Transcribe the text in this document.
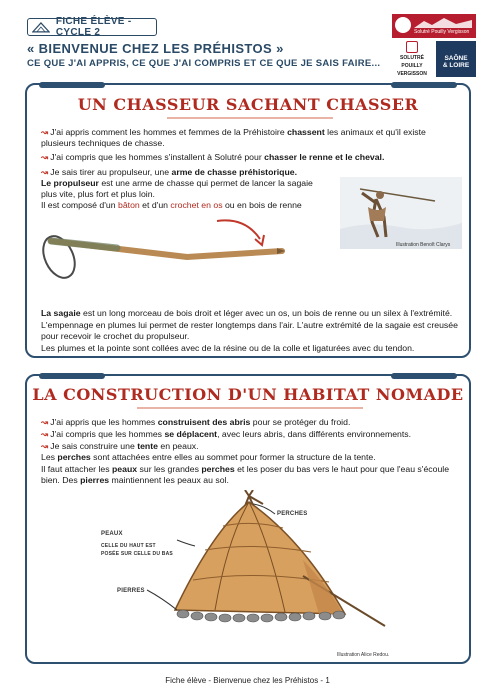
FICHE ÉLÈVE - CYCLE 2
« BIENVENUE CHEZ LES PRÉHISTOS »
CE QUE J'AI APPRIS, CE QUE J'AI COMPRIS ET CE QUE JE SAIS FAIRE...
Solutré Pouilly Vergisson
SOLUTRÉ
POUILLY
VERGISSON
SAÔNE
& LOIRE
UN CHASSEUR SACHANT CHASSER
↝ J'ai appris comment les hommes et femmes de la Préhistoire chassent les animaux et qu'il existe
plusieurs techniques de chasse.
↝ J'ai compris que les hommes s'installent à Solutré pour chasser le renne et le cheval.
↝ Je sais tirer au propulseur, une arme de chasse préhistorique.
Le propulseur est une arme de chasse qui permet de lancer la sagaie
plus vite, plus fort et plus loin.
Il est composé d'un bâton et d'un crochet en os ou en bois de renne
Illustration Benoît Clarys
La sagaie est un long morceau de bois droit et léger avec un os, un bois de renne ou un silex à l'extrémité.
L'empennage en plumes lui permet de rester longtemps dans l'air. L'autre extrémité de la sagaie est creusée
pour recevoir le crochet du propulseur.
Les plumes et la pointe sont collées avec de la résine ou de la colle et ligaturées avec du tendon.
LA CONSTRUCTION D'UN HABITAT NOMADE
↝ J'ai appris que les hommes construisent des abris pour se protéger du froid.
↝ J'ai compris que les hommes se déplacent, avec leurs abris, dans différents environnements.
↝ Je sais construire une tente en peaux.
Les perches sont attachées entre elles au sommet pour former la structure de la tente.
Il faut attacher les peaux sur les grandes perches et les poser du bas vers le haut pour que l'eau s'écoule
bien. Des pierres maintiennent les peaux au sol.
PEAUX
CELLE DU HAUT EST
POSÉE SUR CELLE DU BAS
PERCHES
PIERRES
Illustration Alice Redou.
Fiche élève - Bienvenue chez les Préhistos - 1
